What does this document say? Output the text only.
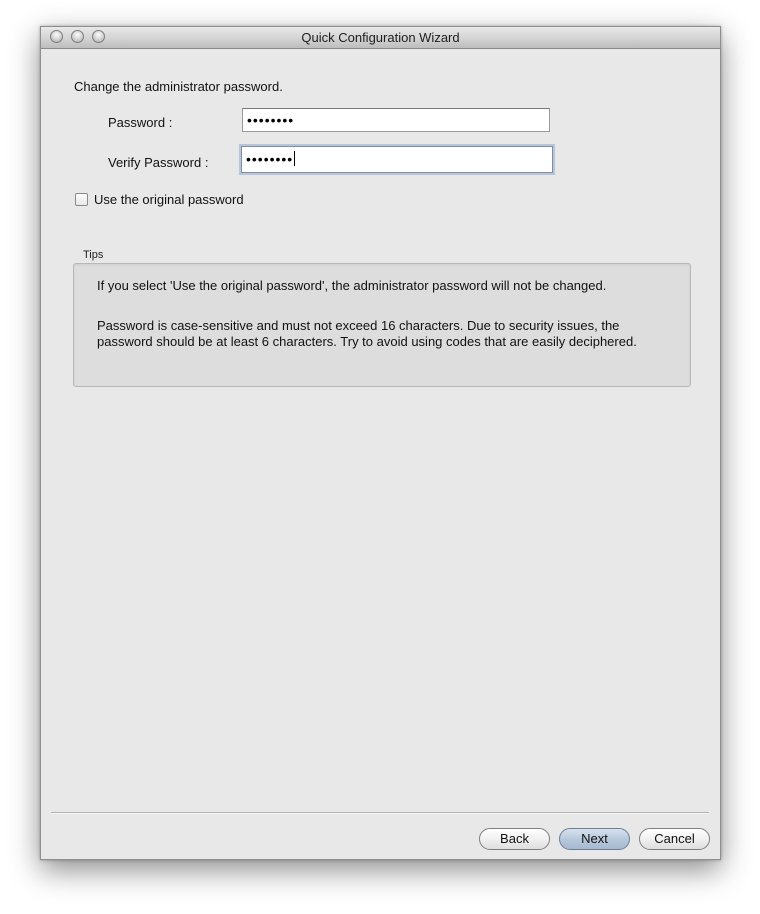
Quick Configuration Wizard
Change the administrator password.
Password :	••••••••
Verify Password :	••••••••
Use the original password
Tips
If you select 'Use the original password', the administrator password will not be changed.
Password is case-sensitive and must not exceed 16 characters. Due to security issues, the password should be at least 6 characters. Try to avoid using codes that are easily deciphered.
Back	Next	Cancel
